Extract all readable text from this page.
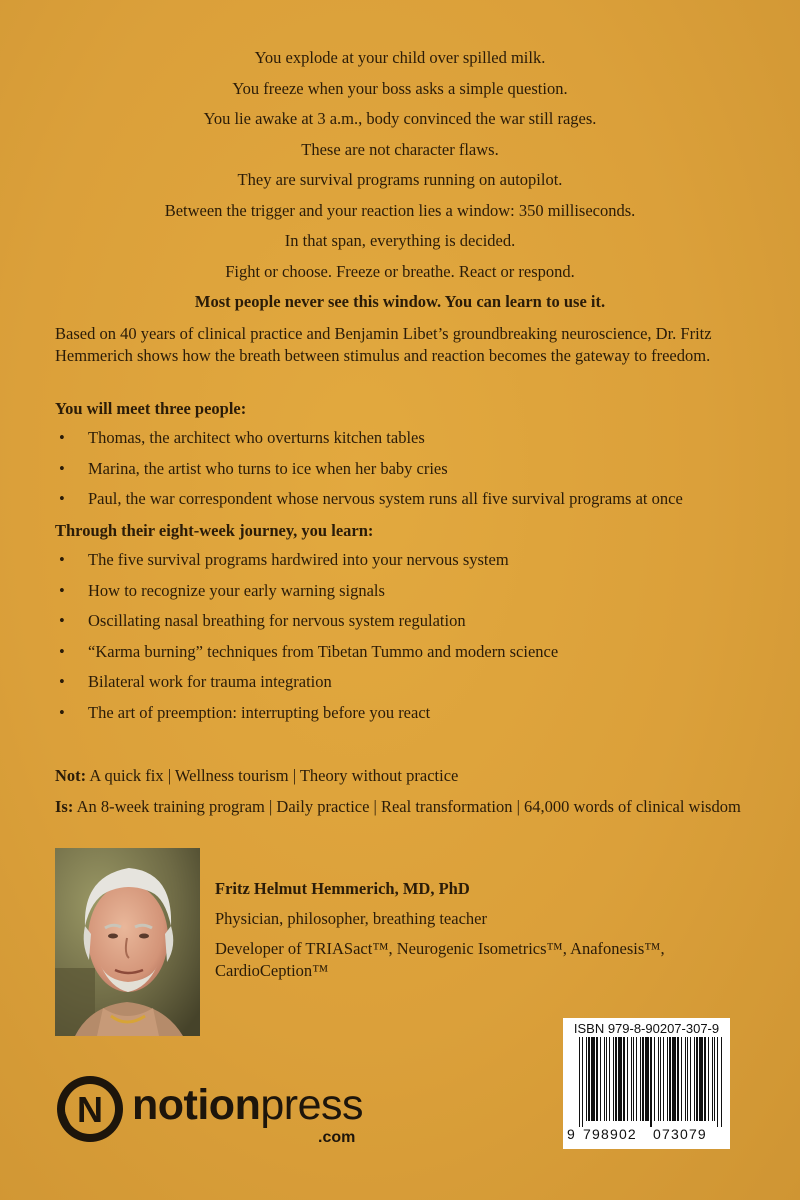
You explode at your child over spilled milk.
You freeze when your boss asks a simple question.
You lie awake at 3 a.m., body convinced the war still rages.
These are not character flaws.
They are survival programs running on autopilot.
Between the trigger and your reaction lies a window: 350 milliseconds.
In that span, everything is decided.
Fight or choose. Freeze or breathe. React or respond.
Most people never see this window. You can learn to use it.
Based on 40 years of clinical practice and Benjamin Libet’s groundbreaking neuroscience, Dr. Fritz Hemmerich shows how the breath between stimulus and reaction becomes the gateway to freedom.
You will meet three people:
• Thomas, the architect who overturns kitchen tables
• Marina, the artist who turns to ice when her baby cries
• Paul, the war correspondent whose nervous system runs all five survival programs at once
Through their eight-week journey, you learn:
• The five survival programs hardwired into your nervous system
• How to recognize your early warning signals
• Oscillating nasal breathing for nervous system regulation
• “Karma burning” techniques from Tibetan Tummo and modern science
• Bilateral work for trauma integration
• The art of preemption: interrupting before you react
Not: A quick fix | Wellness tourism | Theory without practice
Is: An 8-week training program | Daily practice | Real transformation | 64,000 words of clinical wisdom
Fritz Helmut Hemmerich, MD, PhD
Physician, philosopher, breathing teacher
Developer of TRIASact™, Neurogenic Isometrics™, Anafonesis™, CardioCeption™
ISBN 979-8-90207-307-9
9 798902 073079
N notionpress
.com
